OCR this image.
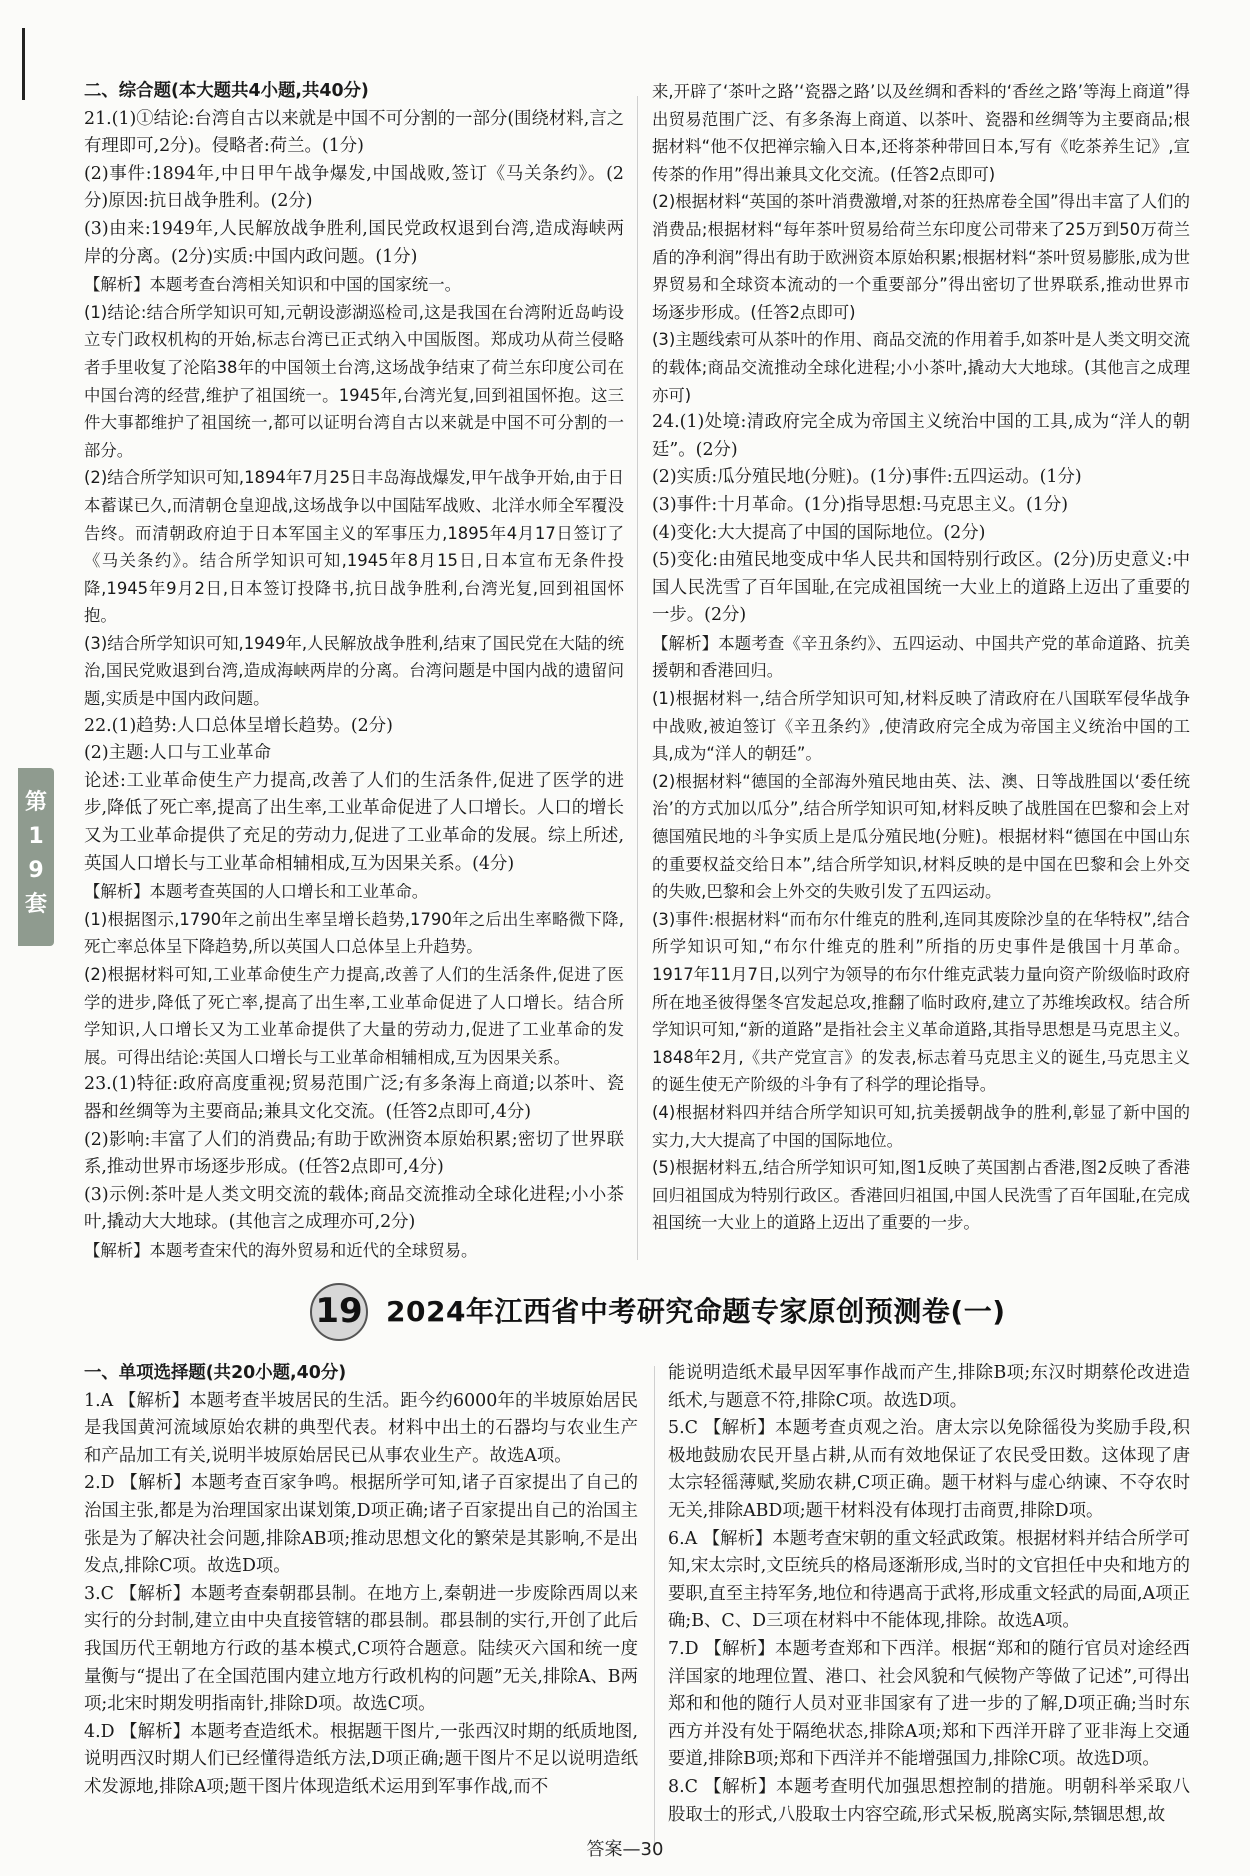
二、综合题(本大题共4小题,共40分)

21.(1)①结论:台湾自古以来就是中国不可分割的一部分(围绕材料,言之有理即可,2分)。侵略者:荷兰。(1分)

(2)事件:1894年,中日甲午战争爆发,中国战败,签订《马关条约》。(2分)原因:抗日战争胜利。(2分)

(3)由来:1949年,人民解放战争胜利,国民党政权退到台湾,造成海峡两岸的分离。(2分)实质:中国内政问题。(1分)

【解析】本题考查台湾相关知识和中国的国家统一。

(1)结论:结合所学知识可知,元朝设澎湖巡检司,这是我国在台湾附近岛屿设立专门政权机构的开始,标志台湾已正式纳入中国版图。郑成功从荷兰侵略者手里收复了沦陷38年的中国领土台湾,这场战争结束了荷兰东印度公司在中国台湾的经营,维护了祖国统一。1945年,台湾光复,回到祖国怀抱。这三件大事都维护了祖国统一,都可以证明台湾自古以来就是中国不可分割的一部分。

(2)结合所学知识可知,1894年7月25日丰岛海战爆发,甲午战争开始,由于日本蓄谋已久,而清朝仓皇迎战,这场战争以中国陆军战败、北洋水师全军覆没告终。而清朝政府迫于日本军国主义的军事压力,1895年4月17日签订了《马关条约》。结合所学知识可知,1945年8月15日,日本宣布无条件投降,1945年9月2日,日本签订投降书,抗日战争胜利,台湾光复,回到祖国怀抱。

(3)结合所学知识可知,1949年,人民解放战争胜利,结束了国民党在大陆的统治,国民党败退到台湾,造成海峡两岸的分离。台湾问题是中国内战的遗留问题,实质是中国内政问题。

22.(1)趋势:人口总体呈增长趋势。(2分)

(2)主题:人口与工业革命

论述:工业革命使生产力提高,改善了人们的生活条件,促进了医学的进步,降低了死亡率,提高了出生率,工业革命促进了人口增长。人口的增长又为工业革命提供了充足的劳动力,促进了工业革命的发展。综上所述,英国人口增长与工业革命相辅相成,互为因果关系。(4分)

【解析】本题考查英国的人口增长和工业革命。

(1)根据图示,1790年之前出生率呈增长趋势,1790年之后出生率略微下降,死亡率总体呈下降趋势,所以英国人口总体呈上升趋势。

(2)根据材料可知,工业革命使生产力提高,改善了人们的生活条件,促进了医学的进步,降低了死亡率,提高了出生率,工业革命促进了人口增长。结合所学知识,人口增长又为工业革命提供了大量的劳动力,促进了工业革命的发展。可得出结论:英国人口增长与工业革命相辅相成,互为因果关系。

23.(1)特征:政府高度重视;贸易范围广泛;有多条海上商道;以茶叶、瓷器和丝绸等为主要商品;兼具文化交流。(任答2点即可,4分)

(2)影响:丰富了人们的消费品;有助于欧洲资本原始积累;密切了世界联系,推动世界市场逐步形成。(任答2点即可,4分)

(3)示例:茶叶是人类文明交流的载体;商品交流推动全球化进程;小小茶叶,撬动大大地球。(其他言之成理亦可,2分)

【解析】本题考查宋代的海外贸易和近代的全球贸易。

来,开辟了‘茶叶之路’‘瓷器之路’以及丝绸和香料的‘香丝之路’等海上商道”得出贸易范围广泛、有多条海上商道、以茶叶、瓷器和丝绸等为主要商品;根据材料“他不仅把禅宗输入日本,还将茶种带回日本,写有《吃茶养生记》,宣传茶的作用”得出兼具文化交流。(任答2点即可)

(2)根据材料“英国的茶叶消费激增,对茶的狂热席卷全国”得出丰富了人们的消费品;根据材料“每年茶叶贸易给荷兰东印度公司带来了25万到50万荷兰盾的净利润”得出有助于欧洲资本原始积累;根据材料“茶叶贸易膨胀,成为世界贸易和全球资本流动的一个重要部分”得出密切了世界联系,推动世界市场逐步形成。(任答2点即可)

(3)主题线索可从茶叶的作用、商品交流的作用着手,如茶叶是人类文明交流的载体;商品交流推动全球化进程;小小茶叶,撬动大大地球。(其他言之成理亦可)

24.(1)处境:清政府完全成为帝国主义统治中国的工具,成为“洋人的朝廷”。(2分)

(2)实质:瓜分殖民地(分赃)。(1分)事件:五四运动。(1分)

(3)事件:十月革命。(1分)指导思想:马克思主义。(1分)

(4)变化:大大提高了中国的国际地位。(2分)

(5)变化:由殖民地变成中华人民共和国特别行政区。(2分)历史意义:中国人民洗雪了百年国耻,在完成祖国统一大业上的道路上迈出了重要的一步。(2分)

【解析】本题考查《辛丑条约》、五四运动、中国共产党的革命道路、抗美援朝和香港回归。

(1)根据材料一,结合所学知识可知,材料反映了清政府在八国联军侵华战争中战败,被迫签订《辛丑条约》,使清政府完全成为帝国主义统治中国的工具,成为“洋人的朝廷”。

(2)根据材料“德国的全部海外殖民地由英、法、澳、日等战胜国以‘委任统治’的方式加以瓜分”,结合所学知识可知,材料反映了战胜国在巴黎和会上对德国殖民地的斗争实质上是瓜分殖民地(分赃)。根据材料“德国在中国山东的重要权益交给日本”,结合所学知识,材料反映的是中国在巴黎和会上外交的失败,巴黎和会上外交的失败引发了五四运动。

(3)事件:根据材料“而布尔什维克的胜利,连同其废除沙皇的在华特权”,结合所学知识可知,“布尔什维克的胜利”所指的历史事件是俄国十月革命。1917年11月7日,以列宁为领导的布尔什维克武装力量向资产阶级临时政府所在地圣彼得堡冬宫发起总攻,推翻了临时政府,建立了苏维埃政权。结合所学知识可知,“新的道路”是指社会主义革命道路,其指导思想是马克思主义。1848年2月,《共产党宣言》的发表,标志着马克思主义的诞生,马克思主义的诞生使无产阶级的斗争有了科学的理论指导。

(4)根据材料四并结合所学知识可知,抗美援朝战争的胜利,彰显了新中国的实力,大大提高了中国的国际地位。

(5)根据材料五,结合所学知识可知,图1反映了英国割占香港,图2反映了香港回归祖国成为特别行政区。香港回归祖国,中国人民洗雪了百年国耻,在完成祖国统一大业上的道路上迈出了重要的一步。

第
1
9
套
19 2024年江西省中考研究命题专家原创预测卷(一)

一、单项选择题(共20小题,40分)

1.A 【解析】本题考查半坡居民的生活。距今约6000年的半坡原始居民是我国黄河流域原始农耕的典型代表。材料中出土的石器均与农业生产和产品加工有关,说明半坡原始居民已从事农业生产。故选A项。

2.D 【解析】本题考查百家争鸣。根据所学可知,诸子百家提出了自己的治国主张,都是为治理国家出谋划策,D项正确;诸子百家提出自己的治国主张是为了解决社会问题,排除AB项;推动思想文化的繁荣是其影响,不是出发点,排除C项。故选D项。

3.C 【解析】本题考查秦朝郡县制。在地方上,秦朝进一步废除西周以来实行的分封制,建立由中央直接管辖的郡县制。郡县制的实行,开创了此后我国历代王朝地方行政的基本模式,C项符合题意。陆续灭六国和统一度量衡与“提出了在全国范围内建立地方行政机构的问题”无关,排除A、B两项;北宋时期发明指南针,排除D项。故选C项。

4.D 【解析】本题考查造纸术。根据题干图片,一张西汉时期的纸质地图,说明西汉时期人们已经懂得造纸方法,D项正确;题干图片不足以说明造纸术发源地,排除A项;题干图片体现造纸术运用到军事作战,而不

能说明造纸术最早因军事作战而产生,排除B项;东汉时期蔡伦改进造纸术,与题意不符,排除C项。故选D项。

5.C 【解析】本题考查贞观之治。唐太宗以免除徭役为奖励手段,积极地鼓励农民开垦占耕,从而有效地保证了农民受田数。这体现了唐太宗轻徭薄赋,奖励农耕,C项正确。题干材料与虚心纳谏、不夺农时无关,排除ABD项;题干材料没有体现打击商贾,排除D项。

6.A 【解析】本题考查宋朝的重文轻武政策。根据材料并结合所学可知,宋太宗时,文臣统兵的格局逐渐形成,当时的文官担任中央和地方的要职,直至主持军务,地位和待遇高于武将,形成重文轻武的局面,A项正确;B、C、D三项在材料中不能体现,排除。故选A项。

7.D 【解析】本题考查郑和下西洋。根据“郑和的随行官员对途经西洋国家的地理位置、港口、社会风貌和气候物产等做了记述”,可得出郑和和他的随行人员对亚非国家有了进一步的了解,D项正确;当时东西方并没有处于隔绝状态,排除A项;郑和下西洋开辟了亚非海上交通要道,排除B项;郑和下西洋并不能增强国力,排除C项。故选D项。

8.C 【解析】本题考查明代加强思想控制的措施。明朝科举采取八股取士的形式,八股取士内容空疏,形式呆板,脱离实际,禁锢思想,故

答案—30
